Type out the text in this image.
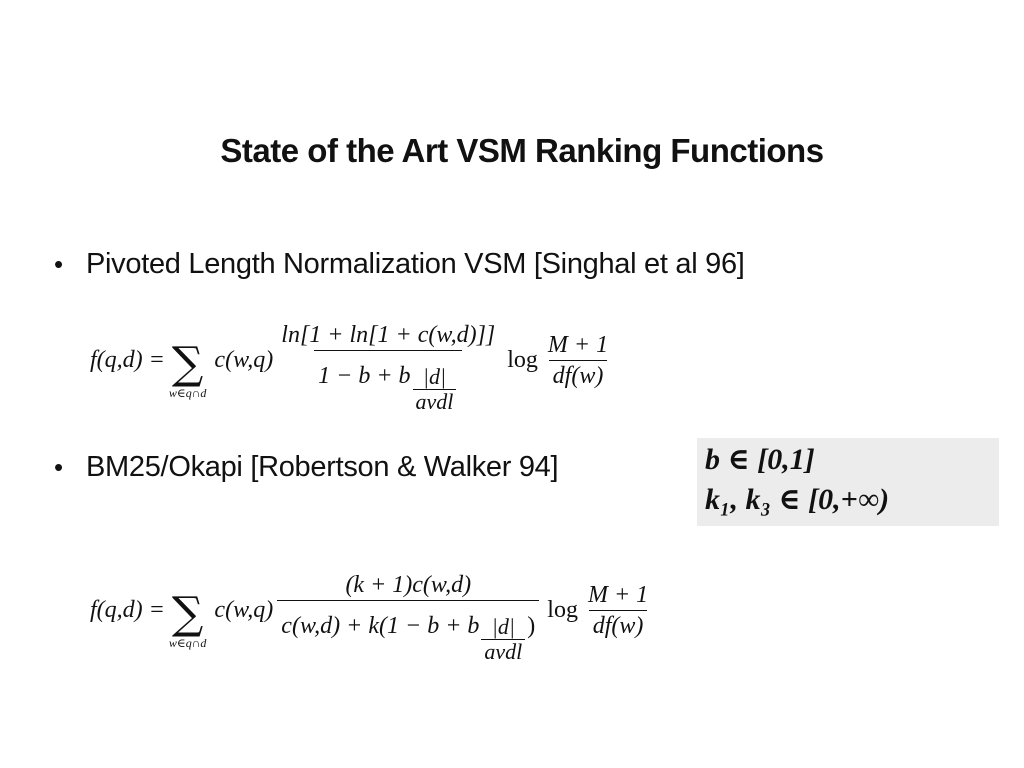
State of the Art VSM Ranking Functions
• Pivoted Length Normalization VSM [Singhal et al 96]
f(q,d) = ∑
w∈q∩d
$c(w,q) \frac{\ln[1 + \ln[1 + c(w,d)]]}{1 - b + b \frac{|d|}{\text{avdl}}}$ $\log \frac{M + 1}{df(w)}$
• BM25/Okapi [Robertson & Walker 94]	b ∈ [0,1]
k₁, k₃ ∈ [0,+∞)
f(q,d) = ∑
w∈q∩d
c(w,q)
(k + 1)c(w,d)
c(w,d) + k(1 − b + b $\frac{|d|}{\text{avdl}}$ )
$\log \frac{M + 1}{df(w)}$
